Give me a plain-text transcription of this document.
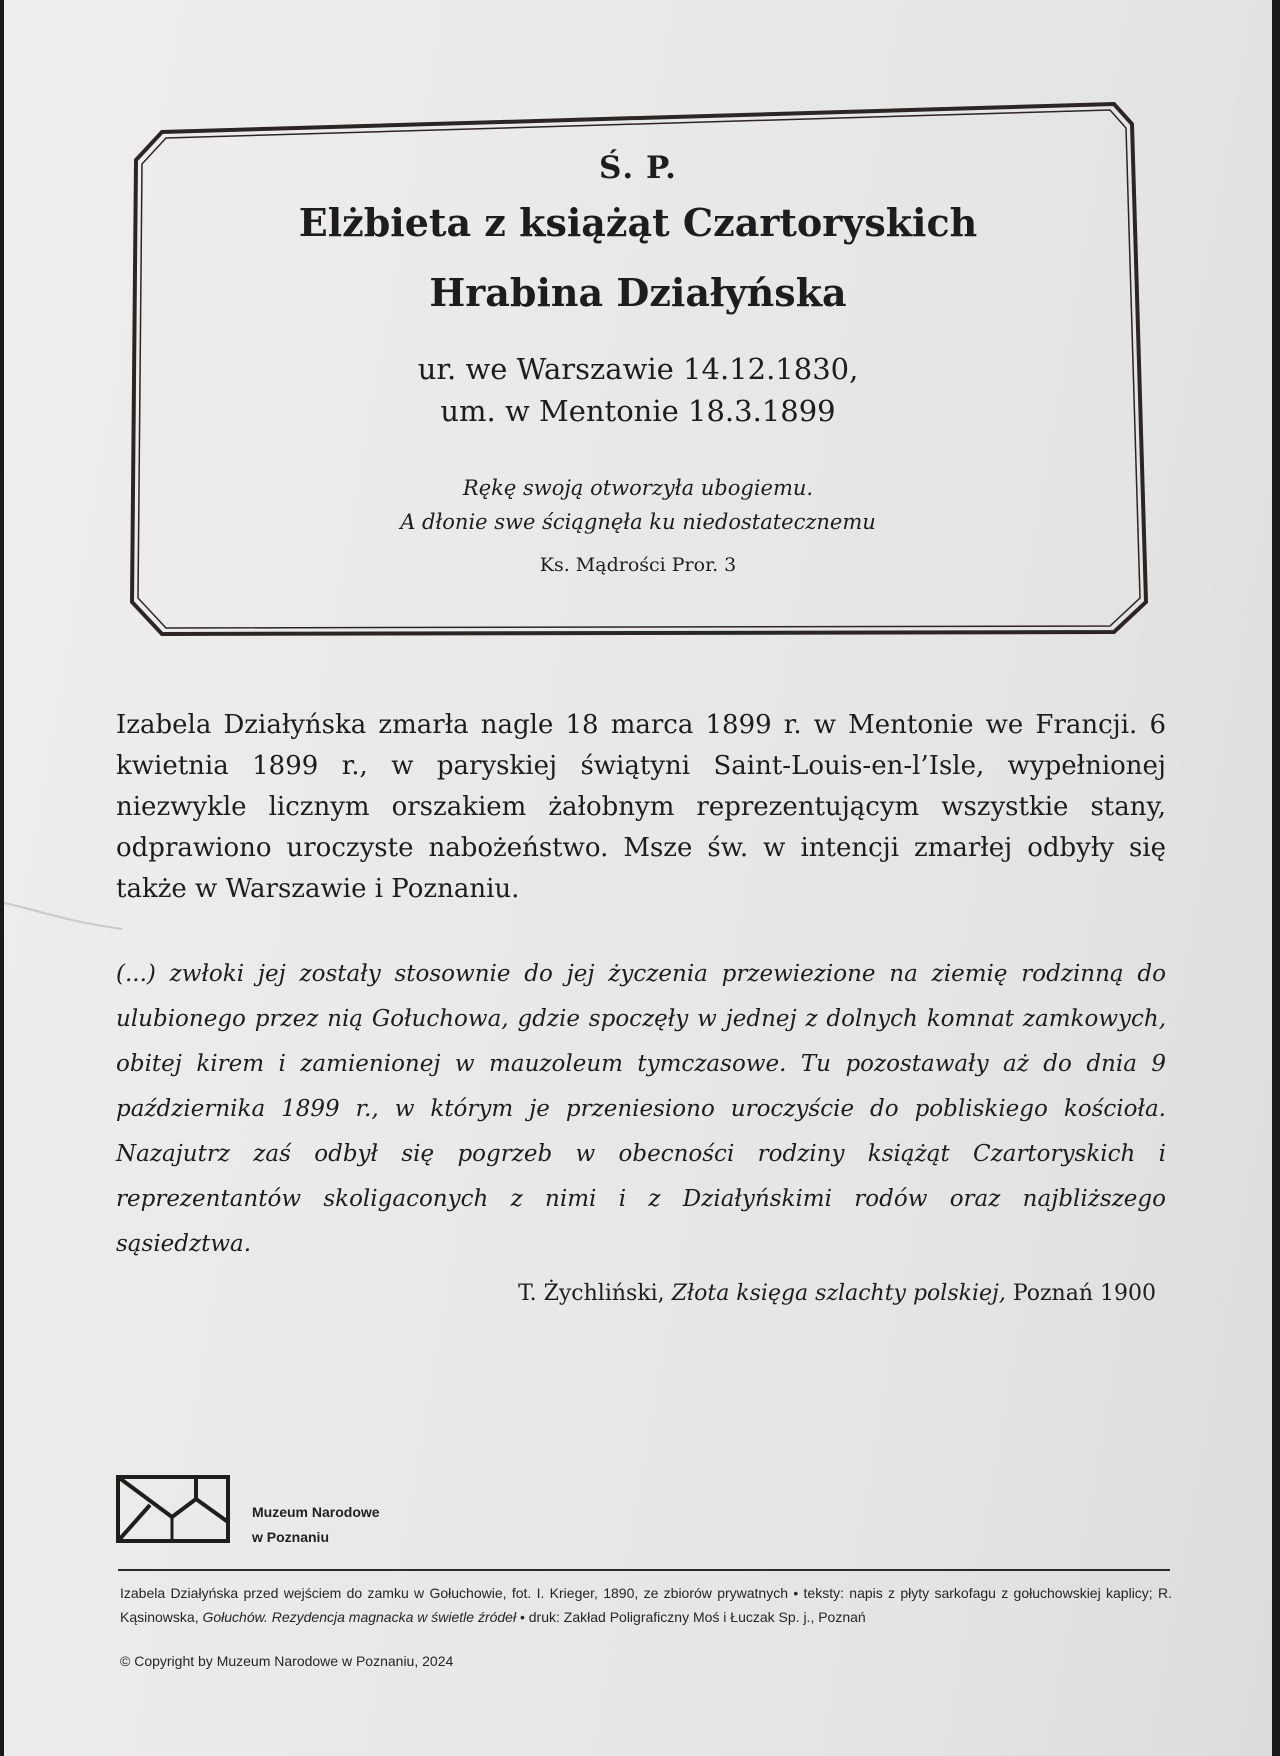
Ś. P.
Elżbieta z książąt Czartoryskich
Hrabina Działyńska
ur. we Warszawie 14.12.1830,
um. w Mentonie 18.3.1899
Rękę swoją otworzyła ubogiemu.
A dłonie swe ściągnęła ku niedostatecznemu
Ks. Mądrości Pror. 3

Izabela Działyńska zmarła nagle 18 marca 1899 r. w Mentonie we Francji. 6 kwietnia 1899 r., w paryskiej świątyni Saint-Louis-en-l’Isle, wypełnionej niezwykle licznym orszakiem żałobnym reprezentującym wszystkie stany, odprawiono uroczyste nabożeństwo. Msze św. w intencji zmarłej odbyły się także w Warszawie i Poznaniu.

(...) zwłoki jej zostały stosownie do jej życzenia przewiezione na ziemię rodzinną do ulubionego przez nią Gołuchowa, gdzie spoczęły w jednej z dolnych komnat zamkowych, obitej kirem i zamienionej w mauzoleum tymczasowe. Tu pozostawały aż do dnia 9 października 1899 r., w którym je przeniesiono uroczyście do pobliskiego kościoła. Nazajutrz zaś odbył się pogrzeb w obecności rodziny książąt Czartoryskich i reprezentantów skoligaconych z nimi i z Działyńskimi rodów oraz najbliższego sąsiedztwa.

T. Żychliński, Złota księga szlachty polskiej, Poznań 1900
Muzeum Narodowe
w Poznaniu
Izabela Działyńska przed wejściem do zamku w Gołuchowie, fot. I. Krieger, 1890, ze zbiorów prywatnych • teksty: napis z płyty sarkofagu z gołuchowskiej kaplicy; R. Kąsinowska, Gołuchów. Rezydencja magnacka w świetle źródeł • druk: Zakład Poligraficzny Moś i Łuczak Sp. j., Poznań
© Copyright by Muzeum Narodowe w Poznaniu, 2024
